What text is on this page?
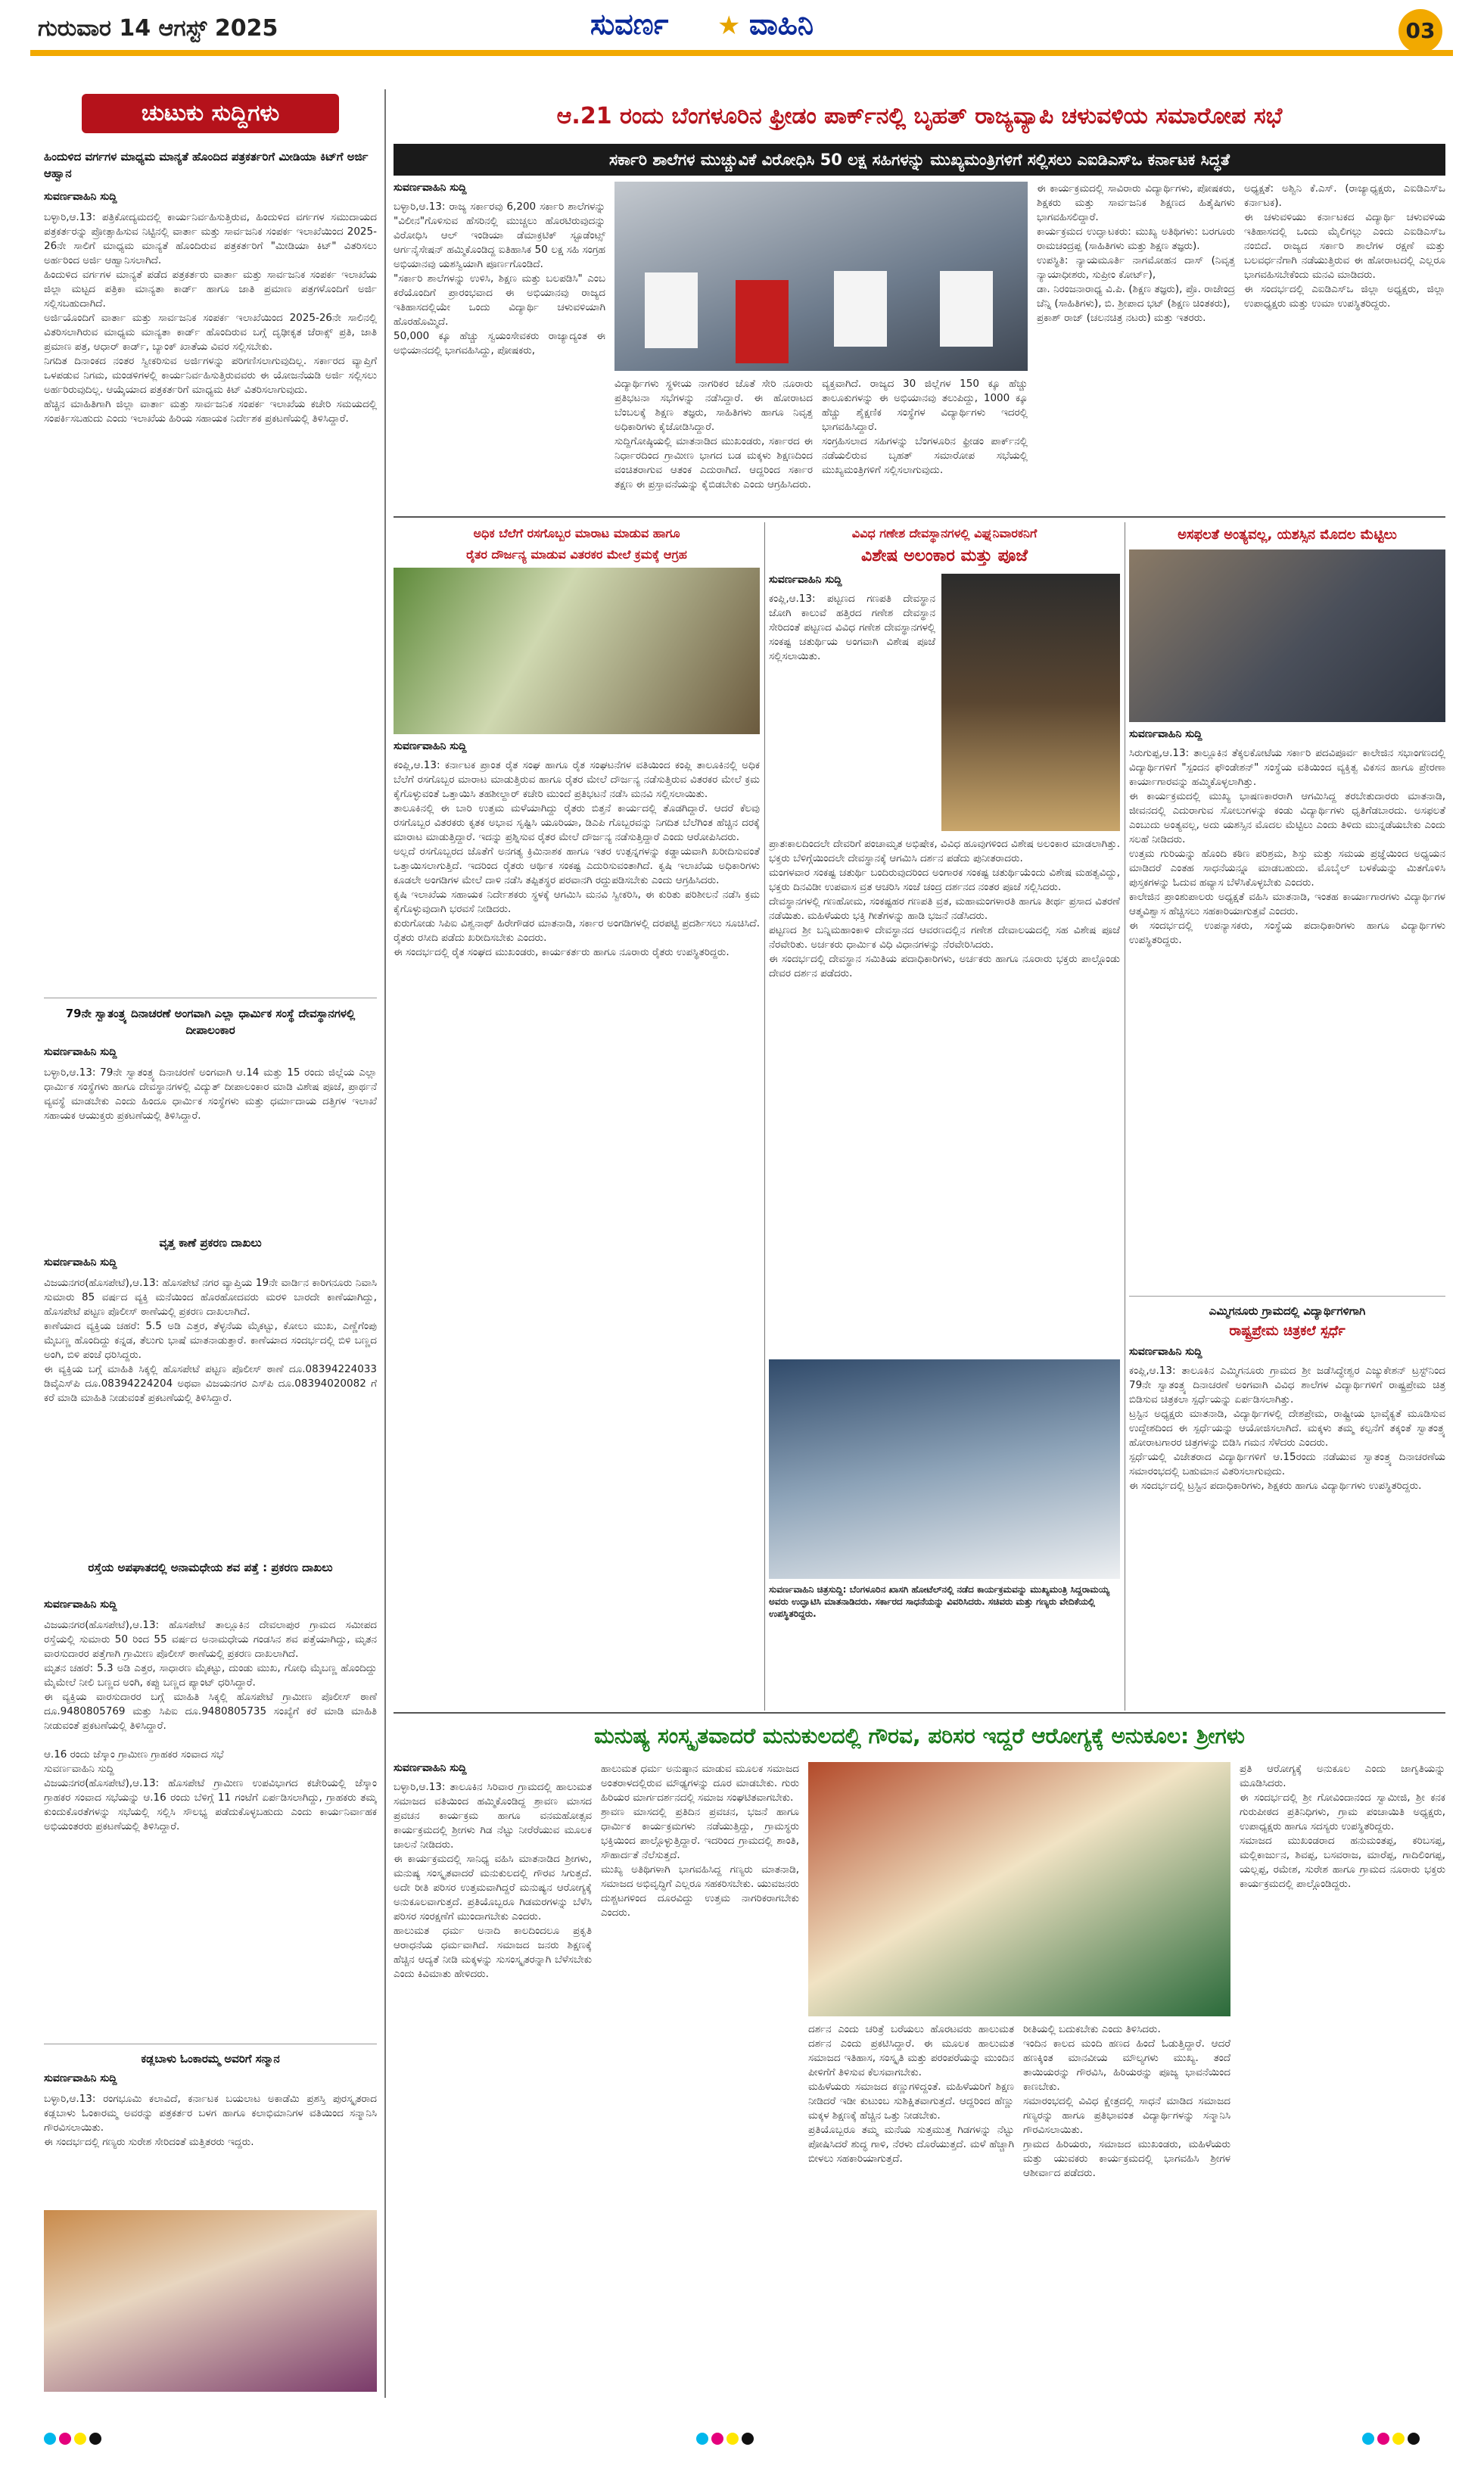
ಗುರುವಾರ 14 ಆಗಸ್ಟ್ 2025	ಸುವರ್ಣ ★ ವಾಹಿನಿ	03
ಚುಟುಕು ಸುದ್ದಿಗಳು
ಹಿಂದುಳಿದ ವರ್ಗಗಳ ಮಾಧ್ಯಮ ಮಾನ್ಯತೆ ಹೊಂದಿದ ಪತ್ರಕರ್ತರಿಗೆ ಮೀಡಿಯಾ ಕಿಟ್‌ಗೆ ಅರ್ಜಿ ಆಹ್ವಾನ
ಸುವರ್ಣವಾಹಿನಿ ಸುದ್ದಿ
ಬಳ್ಳಾರಿ,ಆ.13: ಪತ್ರಿಕೋದ್ಯಮದಲ್ಲಿ ಕಾರ್ಯನಿರ್ವಹಿಸುತ್ತಿರುವ, ಹಿಂದುಳಿದ ವರ್ಗಗಳ ಸಮುದಾಯದ ಪತ್ರಕರ್ತರನ್ನು ಪ್ರೋತ್ಸಾಹಿಸುವ ನಿಟ್ಟಿನಲ್ಲಿ ವಾರ್ತಾ ಮತ್ತು ಸಾರ್ವಜನಿಕ ಸಂಪರ್ಕ ಇಲಾಖೆಯಿಂದ 2025-26ನೇ ಸಾಲಿಗೆ ಮಾಧ್ಯಮ ಮಾನ್ಯತೆ ಹೊಂದಿರುವ ಪತ್ರಕರ್ತರಿಗೆ "ಮೀಡಿಯಾ ಕಿಟ್" ವಿತರಿಸಲು ಅರ್ಹರಿಂದ ಅರ್ಜಿ ಆಹ್ವಾನಿಸಲಾಗಿದೆ.
ಹಿಂದುಳಿದ ವರ್ಗಗಳ ಮಾನ್ಯತೆ ಪಡೆದ ಪತ್ರಕರ್ತರು ವಾರ್ತಾ ಮತ್ತು ಸಾರ್ವಜನಿಕ ಸಂಪರ್ಕ ಇಲಾಖೆಯ ಜಿಲ್ಲಾ ಮಟ್ಟದ ಪತ್ರಿಕಾ ಮಾನ್ಯತಾ ಕಾರ್ಡ್ ಹಾಗೂ ಜಾತಿ ಪ್ರಮಾಣ ಪತ್ರಗಳೊಂದಿಗೆ ಅರ್ಜಿ ಸಲ್ಲಿಸಬಹುದಾಗಿದೆ.
ಅರ್ಜಿಯೊಂದಿಗೆ ವಾರ್ತಾ ಮತ್ತು ಸಾರ್ವಜನಿಕ ಸಂಪರ್ಕ ಇಲಾಖೆಯಿಂದ 2025-26ನೇ ಸಾಲಿನಲ್ಲಿ ವಿತರಿಸಲಾಗಿರುವ ಮಾಧ್ಯಮ ಮಾನ್ಯತಾ ಕಾರ್ಡ್ ಹೊಂದಿರುವ ಬಗ್ಗೆ ದೃಢೀಕೃತ ಜೆರಾಕ್ಸ್ ಪ್ರತಿ, ಜಾತಿ ಪ್ರಮಾಣ ಪತ್ರ, ಆಧಾರ್ ಕಾರ್ಡ್, ಬ್ಯಾಂಕ್ ಖಾತೆಯ ವಿವರ ಸಲ್ಲಿಸಬೇಕು.
ನಿಗದಿತ ದಿನಾಂಕದ ನಂತರ ಸ್ವೀಕರಿಸುವ ಅರ್ಜಿಗಳನ್ನು ಪರಿಗಣಿಸಲಾಗುವುದಿಲ್ಲ. ಸರ್ಕಾರದ ವ್ಯಾಪ್ತಿಗೆ ಒಳಪಡುವ ನಿಗಮ, ಮಂಡಳಿಗಳಲ್ಲಿ ಕಾರ್ಯನಿರ್ವಹಿಸುತ್ತಿರುವವರು ಈ ಯೋಜನೆಯಡಿ ಅರ್ಜಿ ಸಲ್ಲಿಸಲು ಅರ್ಹರಿರುವುದಿಲ್ಲ. ಆಯ್ಕೆಯಾದ ಪತ್ರಕರ್ತರಿಗೆ ಮಾಧ್ಯಮ ಕಿಟ್ ವಿತರಿಸಲಾಗುವುದು.
ಹೆಚ್ಚಿನ ಮಾಹಿತಿಗಾಗಿ ಜಿಲ್ಲಾ ವಾರ್ತಾ ಮತ್ತು ಸಾರ್ವಜನಿಕ ಸಂಪರ್ಕ ಇಲಾಖೆಯ ಕಚೇರಿ ಸಮಯದಲ್ಲಿ ಸಂಪರ್ಕಿಸಬಹುದು ಎಂದು ಇಲಾಖೆಯ ಹಿರಿಯ ಸಹಾಯಕ ನಿರ್ದೇಶಕ ಪ್ರಕಟಣೆಯಲ್ಲಿ ತಿಳಿಸಿದ್ದಾರೆ.
79ನೇ ಸ್ವಾತಂತ್ರ್ಯ ದಿನಾಚರಣೆ ಅಂಗವಾಗಿ ಎಲ್ಲಾ ಧಾರ್ಮಿಕ ಸಂಸ್ಥೆ ದೇವಸ್ಥಾನಗಳಲ್ಲಿ ದೀಪಾಲಂಕಾರ
ಸುವರ್ಣವಾಹಿನಿ ಸುದ್ದಿ
ಬಳ್ಳಾರಿ,ಆ.13: 79ನೇ ಸ್ವಾತಂತ್ರ್ಯ ದಿನಾಚರಣೆ ಅಂಗವಾಗಿ ಆ.14 ಮತ್ತು 15 ರಂದು ಜಿಲ್ಲೆಯ ಎಲ್ಲಾ ಧಾರ್ಮಿಕ ಸಂಸ್ಥೆಗಳು ಹಾಗೂ ದೇವಸ್ಥಾನಗಳಲ್ಲಿ ವಿದ್ಯುತ್ ದೀಪಾಲಂಕಾರ ಮಾಡಿ ವಿಶೇಷ ಪೂಜೆ, ಪ್ರಾರ್ಥನೆ ವ್ಯವಸ್ಥೆ ಮಾಡಬೇಕು ಎಂದು ಹಿಂದೂ ಧಾರ್ಮಿಕ ಸಂಸ್ಥೆಗಳು ಮತ್ತು ಧರ್ಮಾದಾಯ ದತ್ತಿಗಳ ಇಲಾಖೆ ಸಹಾಯಕ ಆಯುಕ್ತರು ಪ್ರಕಟಣೆಯಲ್ಲಿ ತಿಳಿಸಿದ್ದಾರೆ.
ವೃತ್ತ ಕಾಣೆ ಪ್ರಕರಣ ದಾಖಲು
ಸುವರ್ಣವಾಹಿನಿ ಸುದ್ದಿ
ವಿಜಯನಗರ(ಹೊಸಪೇಟೆ),ಆ.13: ಹೊಸಪೇಟೆ ನಗರ ವ್ಯಾಪ್ತಿಯ 19ನೇ ವಾರ್ಡಿನ ಕಾರಿಗನೂರು ನಿವಾಸಿ ಸುಮಾರು 85 ವರ್ಷದ ವ್ಯಕ್ತಿ ಮನೆಯಿಂದ ಹೊರಹೋದವರು ಮರಳಿ ಬಾರದೇ ಕಾಣೆಯಾಗಿದ್ದು, ಹೊಸಪೇಟೆ ಪಟ್ಟಣ ಪೊಲೀಸ್ ಠಾಣೆಯಲ್ಲಿ ಪ್ರಕರಣ ದಾಖಲಾಗಿದೆ.
ಕಾಣೆಯಾದ ವ್ಯಕ್ತಿಯ ಚಹರೆ: 5.5 ಅಡಿ ಎತ್ತರ, ತೆಳ್ಳನೆಯ ಮೈಕಟ್ಟು, ಕೋಲು ಮುಖ, ಎಣ್ಣೆಗೆಂಪು ಮೈಬಣ್ಣ ಹೊಂದಿದ್ದು ಕನ್ನಡ, ತೆಲುಗು ಭಾಷೆ ಮಾತನಾಡುತ್ತಾರೆ. ಕಾಣೆಯಾದ ಸಂದರ್ಭದಲ್ಲಿ ಬಿಳಿ ಬಣ್ಣದ ಅಂಗಿ, ಬಿಳಿ ಪಂಚೆ ಧರಿಸಿದ್ದರು.
ಈ ವ್ಯಕ್ತಿಯ ಬಗ್ಗೆ ಮಾಹಿತಿ ಸಿಕ್ಕಲ್ಲಿ ಹೊಸಪೇಟೆ ಪಟ್ಟಣ ಪೊಲೀಸ್ ಠಾಣೆ ದೂ.08394224033 ಡಿವೈಎಸ್‌ಪಿ ದೂ.08394224204 ಅಥವಾ ವಿಜಯನಗರ ಎಸ್‌ಪಿ ದೂ.08394020082 ಗೆ ಕರೆ ಮಾಡಿ ಮಾಹಿತಿ ನೀಡುವಂತೆ ಪ್ರಕಟಣೆಯಲ್ಲಿ ತಿಳಿಸಿದ್ದಾರೆ.
ರಸ್ತೆಯ ಅಪಘಾತದಲ್ಲಿ ಅನಾಮಧೇಯ ಶವ ಪತ್ತೆ : ಪ್ರಕರಣ ದಾಖಲು
ಸುವರ್ಣವಾಹಿನಿ ಸುದ್ದಿ
ವಿಜಯನಗರ(ಹೊಸಪೇಟೆ),ಆ.13: ಹೊಸಪೇಟೆ ತಾಲ್ಲೂಕಿನ ದೇವಲಾಪುರ ಗ್ರಾಮದ ಸಮೀಪದ ರಸ್ತೆಯಲ್ಲಿ ಸುಮಾರು 50 ರಿಂದ 55 ವರ್ಷದ ಅನಾಮಧೇಯ ಗಂಡಸಿನ ಶವ ಪತ್ತೆಯಾಗಿದ್ದು, ಮೃತನ ವಾರಸುದಾರರ ಪತ್ತೆಗಾಗಿ ಗ್ರಾಮೀಣ ಪೊಲೀಸ್ ಠಾಣೆಯಲ್ಲಿ ಪ್ರಕರಣ ದಾಖಲಾಗಿದೆ.
ಮೃತನ ಚಹರೆ: 5.3 ಅಡಿ ಎತ್ತರ, ಸಾಧಾರಣ ಮೈಕಟ್ಟು, ದುಂಡು ಮುಖ, ಗೋಧಿ ಮೈಬಣ್ಣ ಹೊಂದಿದ್ದು ಮೈಮೇಲೆ ನೀಲಿ ಬಣ್ಣದ ಅಂಗಿ, ಕಪ್ಪು ಬಣ್ಣದ ಪ್ಯಾಂಟ್ ಧರಿಸಿದ್ದಾರೆ.
ಈ ವ್ಯಕ್ತಿಯ ವಾರಸುದಾರರ ಬಗ್ಗೆ ಮಾಹಿತಿ ಸಿಕ್ಕಲ್ಲಿ ಹೊಸಪೇಟೆ ಗ್ರಾಮೀಣ ಪೊಲೀಸ್ ಠಾಣೆ ದೂ.9480805769 ಮತ್ತು ಸಿಪಿಐ ದೂ.9480805735 ಸಂಖ್ಯೆಗೆ ಕರೆ ಮಾಡಿ ಮಾಹಿತಿ ನೀಡುವಂತೆ ಪ್ರಕಟಣೆಯಲ್ಲಿ ತಿಳಿಸಿದ್ದಾರೆ.

ಆ.16 ರಂದು ಜೆಸ್ಕಾಂ ಗ್ರಾಮೀಣ ಗ್ರಾಹಕರ ಸಂವಾದ ಸಭೆ
ಸುವರ್ಣವಾಹಿನಿ ಸುದ್ದಿ
ವಿಜಯನಗರ(ಹೊಸಪೇಟೆ),ಆ.13: ಹೊಸಪೇಟೆ ಗ್ರಾಮೀಣ ಉಪವಿಭಾಗದ ಕಚೇರಿಯಲ್ಲಿ ಜೆಸ್ಕಾಂ ಗ್ರಾಹಕರ ಸಂವಾದ ಸಭೆಯನ್ನು ಆ.16 ರಂದು ಬೆಳಿಗ್ಗೆ 11 ಗಂಟೆಗೆ ಏರ್ಪಡಿಸಲಾಗಿದ್ದು, ಗ್ರಾಹಕರು ತಮ್ಮ ಕುಂದುಕೊರತೆಗಳನ್ನು ಸಭೆಯಲ್ಲಿ ಸಲ್ಲಿಸಿ ಸೌಲಭ್ಯ ಪಡೆದುಕೊಳ್ಳಬಹುದು ಎಂದು ಕಾರ್ಯನಿರ್ವಾಹಕ ಅಭಿಯಂತರರು ಪ್ರಕಟಣೆಯಲ್ಲಿ ತಿಳಿಸಿದ್ದಾರೆ.
ಕಡ್ಲಬಾಳು ಓಂಕಾರಮ್ಮ ಅವರಿಗೆ ಸನ್ಮಾನ
ಸುವರ್ಣವಾಹಿನಿ ಸುದ್ದಿ
ಬಳ್ಳಾರಿ,ಆ.13: ರಂಗಭೂಮಿ ಕಲಾವಿದೆ, ಕರ್ನಾಟಕ ಬಯಲಾಟ ಅಕಾಡೆಮಿ ಪ್ರಶಸ್ತಿ ಪುರಸ್ಕೃತರಾದ ಕಡ್ಲಬಾಳು ಓಂಕಾರಮ್ಮ ಅವರನ್ನು ಪತ್ರಕರ್ತರ ಬಳಗ ಹಾಗೂ ಕಲಾಭಿಮಾನಿಗಳ ವತಿಯಿಂದ ಸನ್ಮಾನಿಸಿ ಗೌರವಿಸಲಾಯಿತು.
ಈ ಸಂದರ್ಭದಲ್ಲಿ ಗಣ್ಯರು ಸುರೇಶ ಸೇರಿದಂತೆ ಮತ್ತಿತರರು ಇದ್ದರು.
ಆ.21 ರಂದು ಬೆಂಗಳೂರಿನ ಫ್ರೀಡಂ ಪಾರ್ಕ್‌ನಲ್ಲಿ ಬೃಹತ್ ರಾಜ್ಯವ್ಯಾಪಿ ಚಳುವಳಿಯ ಸಮಾರೋಪ ಸಭೆ
ಸರ್ಕಾರಿ ಶಾಲೆಗಳ ಮುಚ್ಚುವಿಕೆ ವಿರೋಧಿಸಿ 50 ಲಕ್ಷ ಸಹಿಗಳನ್ನು ಮುಖ್ಯಮಂತ್ರಿಗಳಿಗೆ ಸಲ್ಲಿಸಲು ಎಐಡಿಎಸ್‌ಒ ಕರ್ನಾಟಕ ಸಿದ್ಧತೆ
ಸುವರ್ಣವಾಹಿನಿ ಸುದ್ದಿ
ಬಳ್ಳಾರಿ,ಆ.13: ರಾಜ್ಯ ಸರ್ಕಾರವು 6,200 ಸರ್ಕಾರಿ ಶಾಲೆಗಳನ್ನು "ವಿಲೀನ"ಗೊಳಿಸುವ ಹೆಸರಿನಲ್ಲಿ ಮುಚ್ಚಲು ಹೊರಟಿರುವುದನ್ನು ವಿರೋಧಿಸಿ ಆಲ್ ಇಂಡಿಯಾ ಡೆಮಾಕ್ರಟಿಕ್ ಸ್ಟೂಡೆಂಟ್ಸ್ ಆರ್ಗನೈಸೇಷನ್ ಹಮ್ಮಿಕೊಂಡಿದ್ದ ಐತಿಹಾಸಿಕ 50 ಲಕ್ಷ ಸಹಿ ಸಂಗ್ರಹ ಅಭಿಯಾನವು ಯಶಸ್ವಿಯಾಗಿ ಪೂರ್ಣಗೊಂಡಿದೆ.
"ಸರ್ಕಾರಿ ಶಾಲೆಗಳನ್ನು ಉಳಿಸಿ, ಶಿಕ್ಷಣ ಮತ್ತು ಬಲಪಡಿಸಿ" ಎಂಬ ಕರೆಯೊಂದಿಗೆ ಪ್ರಾರಂಭವಾದ ಈ ಅಭಿಯಾನವು ರಾಜ್ಯದ ಇತಿಹಾಸದಲ್ಲಿಯೇ ಒಂದು ವಿದ್ಯಾರ್ಥಿ ಚಳುವಳಿಯಾಗಿ ಹೊರಹೊಮ್ಮಿದೆ.
50,000 ಕ್ಕೂ ಹೆಚ್ಚು ಸ್ವಯಂಸೇವಕರು ರಾಜ್ಯಾದ್ಯಂತ ಈ ಅಭಿಯಾನದಲ್ಲಿ ಭಾಗವಹಿಸಿದ್ದು, ಪೋಷಕರು,
ವಿದ್ಯಾರ್ಥಿಗಳು ಸ್ಥಳೀಯ ನಾಗರಿಕರ ಜೊತೆ ಸೇರಿ ನೂರಾರು ಪ್ರತಿಭಟನಾ ಸಭೆಗಳನ್ನು ನಡೆಸಿದ್ದಾರೆ. ಈ ಹೋರಾಟದ ಬೆಂಬಲಕ್ಕೆ ಶಿಕ್ಷಣ ತಜ್ಞರು, ಸಾಹಿತಿಗಳು ಹಾಗೂ ನಿವೃತ್ತ ಅಧಿಕಾರಿಗಳು ಕೈಜೋಡಿಸಿದ್ದಾರೆ.
ಸುದ್ದಿಗೋಷ್ಠಿಯಲ್ಲಿ ಮಾತನಾಡಿದ ಮುಖಂಡರು, ಸರ್ಕಾರದ ಈ ನಿರ್ಧಾರದಿಂದ ಗ್ರಾಮೀಣ ಭಾಗದ ಬಡ ಮಕ್ಕಳು ಶಿಕ್ಷಣದಿಂದ ವಂಚಿತರಾಗುವ ಆತಂಕ ಎದುರಾಗಿದೆ. ಆದ್ದರಿಂದ ಸರ್ಕಾರ ತಕ್ಷಣ ಈ ಪ್ರಸ್ತಾವನೆಯನ್ನು ಕೈಬಿಡಬೇಕು ಎಂದು ಆಗ್ರಹಿಸಿದರು.
ವ್ಯಕ್ತವಾಗಿದೆ. ರಾಜ್ಯದ 30 ಜಿಲ್ಲೆಗಳ 150 ಕ್ಕೂ ಹೆಚ್ಚು ತಾಲೂಕುಗಳನ್ನು ಈ ಅಭಿಯಾನವು ತಲುಪಿದ್ದು, 1000 ಕ್ಕೂ ಹೆಚ್ಚು ಶೈಕ್ಷಣಿಕ ಸಂಸ್ಥೆಗಳ ವಿದ್ಯಾರ್ಥಿಗಳು ಇದರಲ್ಲಿ ಭಾಗವಹಿಸಿದ್ದಾರೆ.
ಸಂಗ್ರಹಿಸಲಾದ ಸಹಿಗಳನ್ನು ಬೆಂಗಳೂರಿನ ಫ್ರೀಡಂ ಪಾರ್ಕ್‌ನಲ್ಲಿ ನಡೆಯಲಿರುವ ಬೃಹತ್ ಸಮಾರೋಪ ಸಭೆಯಲ್ಲಿ ಮುಖ್ಯಮಂತ್ರಿಗಳಿಗೆ ಸಲ್ಲಿಸಲಾಗುವುದು.
ಈ ಕಾರ್ಯಕ್ರಮದಲ್ಲಿ ಸಾವಿರಾರು ವಿದ್ಯಾರ್ಥಿಗಳು, ಪೋಷಕರು, ಶಿಕ್ಷಕರು ಮತ್ತು ಸಾರ್ವಜನಿಕ ಶಿಕ್ಷಣದ ಹಿತೈಷಿಗಳು ಭಾಗವಹಿಸಲಿದ್ದಾರೆ.
ಕಾರ್ಯಕ್ರಮದ ಉದ್ಘಾಟಕರು: ಮುಖ್ಯ ಅತಿಥಿಗಳು: ಬರಗೂರು ರಾಮಚಂದ್ರಪ್ಪ (ಸಾಹಿತಿಗಳು ಮತ್ತು ಶಿಕ್ಷಣ ತಜ್ಞರು).
ಉಪಸ್ಥಿತಿ: ನ್ಯಾಯಮೂರ್ತಿ ನಾಗಮೋಹನ ದಾಸ್ (ನಿವೃತ್ತ ನ್ಯಾಯಾಧೀಶರು, ಸುಪ್ರೀಂ ಕೋರ್ಟ್),
ಡಾ. ನಿರಂಜನಾರಾಧ್ಯ ವಿ.ಪಿ. (ಶಿಕ್ಷಣ ತಜ್ಞರು), ಪ್ರೊ. ರಾಜೇಂದ್ರ ಚೆನ್ನಿ (ಸಾಹಿತಿಗಳು), ಬಿ. ಶ್ರೀಪಾದ ಭಟ್ (ಶಿಕ್ಷಣ ಚಿಂತಕರು),
ಪ್ರಕಾಶ್ ರಾಜ್ (ಚಲನಚಿತ್ರ ನಟರು) ಮತ್ತು ಇತರರು.
ಅಧ್ಯಕ್ಷತೆ: ಅಶ್ವಿನಿ ಕೆ.ಎಸ್. (ರಾಜ್ಯಾಧ್ಯಕ್ಷರು, ಎಐಡಿಎಸ್‌ಒ ಕರ್ನಾಟಕ).
ಈ ಚಳುವಳಿಯು ಕರ್ನಾಟಕದ ವಿದ್ಯಾರ್ಥಿ ಚಳುವಳಿಯ ಇತಿಹಾಸದಲ್ಲಿ ಒಂದು ಮೈಲಿಗಲ್ಲು ಎಂದು ಎಐಡಿಎಸ್‌ಒ ನಂಬಿದೆ. ರಾಜ್ಯದ ಸರ್ಕಾರಿ ಶಾಲೆಗಳ ರಕ್ಷಣೆ ಮತ್ತು ಬಲವರ್ಧನೆಗಾಗಿ ನಡೆಯುತ್ತಿರುವ ಈ ಹೋರಾಟದಲ್ಲಿ ಎಲ್ಲರೂ ಭಾಗವಹಿಸಬೇಕೆಂದು ಮನವಿ ಮಾಡಿದರು.
ಈ ಸಂದರ್ಭದಲ್ಲಿ ಎಐಡಿಎಸ್‌ಒ ಜಿಲ್ಲಾ ಅಧ್ಯಕ್ಷರು, ಜಿಲ್ಲಾ ಉಪಾಧ್ಯಕ್ಷರು ಮತ್ತು ಉಮಾ ಉಪಸ್ಥಿತರಿದ್ದರು.
ಅಧಿಕ ಬೆಲೆಗೆ ರಸಗೊಬ್ಬರ ಮಾರಾಟ ಮಾಡುವ ಹಾಗೂ
ರೈತರ ದೌರ್ಜನ್ಯ ಮಾಡುವ ವಿತರಕರ ಮೇಲೆ ಕ್ರಮಕ್ಕೆ ಆಗ್ರಹ
ಸುವರ್ಣವಾಹಿನಿ ಸುದ್ದಿ
ಕಂಪ್ಲಿ,ಆ.13: ಕರ್ನಾಟಕ ಪ್ರಾಂತ ರೈತ ಸಂಘ ಹಾಗೂ ರೈತ ಸಂಘಟನೆಗಳ ವತಿಯಿಂದ ಕಂಪ್ಲಿ ತಾಲೂಕಿನಲ್ಲಿ ಅಧಿಕ ಬೆಲೆಗೆ ರಸಗೊಬ್ಬರ ಮಾರಾಟ ಮಾಡುತ್ತಿರುವ ಹಾಗೂ ರೈತರ ಮೇಲೆ ದೌರ್ಜನ್ಯ ನಡೆಸುತ್ತಿರುವ ವಿತರಕರ ಮೇಲೆ ಕ್ರಮ ಕೈಗೊಳ್ಳುವಂತೆ ಒತ್ತಾಯಿಸಿ ತಹಶೀಲ್ದಾರ್ ಕಚೇರಿ ಮುಂದೆ ಪ್ರತಿಭಟನೆ ನಡೆಸಿ ಮನವಿ ಸಲ್ಲಿಸಲಾಯಿತು.
ತಾಲೂಕಿನಲ್ಲಿ ಈ ಬಾರಿ ಉತ್ತಮ ಮಳೆಯಾಗಿದ್ದು ರೈತರು ಬಿತ್ತನೆ ಕಾರ್ಯದಲ್ಲಿ ತೊಡಗಿದ್ದಾರೆ. ಆದರೆ ಕೆಲವು ರಸಗೊಬ್ಬರ ವಿತರಕರು ಕೃತಕ ಅಭಾವ ಸೃಷ್ಟಿಸಿ ಯೂರಿಯಾ, ಡಿಎಪಿ ಗೊಬ್ಬರವನ್ನು ನಿಗದಿತ ಬೆಲೆಗಿಂತ ಹೆಚ್ಚಿನ ದರಕ್ಕೆ ಮಾರಾಟ ಮಾಡುತ್ತಿದ್ದಾರೆ. ಇದನ್ನು ಪ್ರಶ್ನಿಸುವ ರೈತರ ಮೇಲೆ ದೌರ್ಜನ್ಯ ನಡೆಸುತ್ತಿದ್ದಾರೆ ಎಂದು ಆರೋಪಿಸಿದರು.
ಅಲ್ಲದೆ ರಸಗೊಬ್ಬರದ ಜೊತೆಗೆ ಅನಗತ್ಯ ಕ್ರಿಮಿನಾಶಕ ಹಾಗೂ ಇತರ ಉತ್ಪನ್ನಗಳನ್ನು ಕಡ್ಡಾಯವಾಗಿ ಖರೀದಿಸುವಂತೆ ಒತ್ತಾಯಿಸಲಾಗುತ್ತಿದೆ. ಇದರಿಂದ ರೈತರು ಆರ್ಥಿಕ ಸಂಕಷ್ಟ ಎದುರಿಸುವಂತಾಗಿದೆ. ಕೃಷಿ ಇಲಾಖೆಯ ಅಧಿಕಾರಿಗಳು ಕೂಡಲೇ ಅಂಗಡಿಗಳ ಮೇಲೆ ದಾಳಿ ನಡೆಸಿ ತಪ್ಪಿತಸ್ಥರ ಪರವಾನಗಿ ರದ್ದುಪಡಿಸಬೇಕು ಎಂದು ಆಗ್ರಹಿಸಿದರು.
ಕೃಷಿ ಇಲಾಖೆಯ ಸಹಾಯಕ ನಿರ್ದೇಶಕರು ಸ್ಥಳಕ್ಕೆ ಆಗಮಿಸಿ ಮನವಿ ಸ್ವೀಕರಿಸಿ, ಈ ಕುರಿತು ಪರಿಶೀಲನೆ ನಡೆಸಿ ಕ್ರಮ ಕೈಗೊಳ್ಳುವುದಾಗಿ ಭರವಸೆ ನೀಡಿದರು.
ಕುರುಗೋಡು ಸಿಪಿಐ ವಿಶ್ವನಾಥ್ ಹಿರೇಗೌಡರ ಮಾತನಾಡಿ, ಸರ್ಕಾರ ಅಂಗಡಿಗಳಲ್ಲಿ ದರಪಟ್ಟಿ ಪ್ರದರ್ಶಿಸಲು ಸೂಚಿಸಿದೆ. ರೈತರು ರಸೀದಿ ಪಡೆದು ಖರೀದಿಸಬೇಕು ಎಂದರು.
ಈ ಸಂದರ್ಭದಲ್ಲಿ ರೈತ ಸಂಘದ ಮುಖಂಡರು, ಕಾರ್ಯಕರ್ತರು ಹಾಗೂ ನೂರಾರು ರೈತರು ಉಪಸ್ಥಿತರಿದ್ದರು.
ವಿವಿಧ ಗಣೇಶ ದೇವಸ್ಥಾನಗಳಲ್ಲಿ ವಿಘ್ನನಿವಾರಕನಿಗೆ
ವಿಶೇಷ ಅಲಂಕಾರ ಮತ್ತು ಪೂಜೆ
ಸುವರ್ಣವಾಹಿನಿ ಸುದ್ದಿ
ಕಂಪ್ಲಿ,ಆ.13: ಪಟ್ಟಣದ ಗಣಪತಿ ದೇವಸ್ಥಾನ ಜೋಗಿ ಕಾಲುವೆ ಹತ್ತಿರದ ಗಣೇಶ ದೇವಸ್ಥಾನ ಸೇರಿದಂತೆ ಪಟ್ಟಣದ ವಿವಿಧ ಗಣೇಶ ದೇವಸ್ಥಾನಗಳಲ್ಲಿ ಸಂಕಷ್ಟ ಚತುರ್ಥಿಯ ಅಂಗವಾಗಿ ವಿಶೇಷ ಪೂಜೆ ಸಲ್ಲಿಸಲಾಯಿತು.
ಪ್ರಾತಃಕಾಲದಿಂದಲೇ ದೇವರಿಗೆ ಪಂಚಾಮೃತ ಅಭಿಷೇಕ, ವಿವಿಧ ಹೂವುಗಳಿಂದ ವಿಶೇಷ ಅಲಂಕಾರ ಮಾಡಲಾಗಿತ್ತು. ಭಕ್ತರು ಬೆಳಿಗ್ಗೆಯಿಂದಲೇ ದೇವಸ್ಥಾನಕ್ಕೆ ಆಗಮಿಸಿ ದರ್ಶನ ಪಡೆದು ಪುನೀತರಾದರು.
ಮಂಗಳವಾರ ಸಂಕಷ್ಟ ಚತುರ್ಥಿ ಬಂದಿರುವುದರಿಂದ ಅಂಗಾರಕ ಸಂಕಷ್ಟ ಚತುರ್ಥಿಯೆಂದು ವಿಶೇಷ ಮಹತ್ವವಿದ್ದು, ಭಕ್ತರು ದಿನವಿಡೀ ಉಪವಾಸ ವ್ರತ ಆಚರಿಸಿ ಸಂಜೆ ಚಂದ್ರ ದರ್ಶನದ ನಂತರ ಪೂಜೆ ಸಲ್ಲಿಸಿದರು.
ದೇವಸ್ಥಾನಗಳಲ್ಲಿ ಗಣಹೋಮ, ಸಂಕಷ್ಟಹರ ಗಣಪತಿ ವ್ರತ, ಮಹಾಮಂಗಳಾರತಿ ಹಾಗೂ ತೀರ್ಥ ಪ್ರಸಾದ ವಿತರಣೆ ನಡೆಯಿತು. ಮಹಿಳೆಯರು ಭಕ್ತಿ ಗೀತೆಗಳನ್ನು ಹಾಡಿ ಭಜನೆ ನಡೆಸಿದರು.
ಪಟ್ಟಣದ ಶ್ರೀ ಬನ್ನಿಮಹಾಂಕಾಳಿ ದೇವಸ್ಥಾನದ ಆವರಣದಲ್ಲಿನ ಗಣೇಶ ದೇವಾಲಯದಲ್ಲಿ ಸಹ ವಿಶೇಷ ಪೂಜೆ ನೆರವೇರಿತು. ಅರ್ಚಕರು ಧಾರ್ಮಿಕ ವಿಧಿ ವಿಧಾನಗಳನ್ನು ನೆರವೇರಿಸಿದರು.
ಈ ಸಂದರ್ಭದಲ್ಲಿ ದೇವಸ್ಥಾನ ಸಮಿತಿಯ ಪದಾಧಿಕಾರಿಗಳು, ಅರ್ಚಕರು ಹಾಗೂ ನೂರಾರು ಭಕ್ತರು ಪಾಲ್ಗೊಂಡು ದೇವರ ದರ್ಶನ ಪಡೆದರು.
ಸುವರ್ಣವಾಹಿನಿ ಚಿತ್ರಸುದ್ದಿ: ಬೆಂಗಳೂರಿನ ಖಾಸಗಿ ಹೋಟೆಲ್‌ನಲ್ಲಿ ನಡೆದ ಕಾರ್ಯಕ್ರಮವನ್ನು ಮುಖ್ಯಮಂತ್ರಿ ಸಿದ್ದರಾಮಯ್ಯ ಅವರು ಉದ್ಘಾಟಿಸಿ ಮಾತನಾಡಿದರು. ಸರ್ಕಾರದ ಸಾಧನೆಯನ್ನು ವಿವರಿಸಿದರು. ಸಚಿವರು ಮತ್ತು ಗಣ್ಯರು ವೇದಿಕೆಯಲ್ಲಿ ಉಪಸ್ಥಿತರಿದ್ದರು.
ಅಸಫಲತೆ ಅಂತ್ಯವಲ್ಲ, ಯಶಸ್ಸಿನ ಮೊದಲ ಮೆಟ್ಟಿಲು
ಸುವರ್ಣವಾಹಿನಿ ಸುದ್ದಿ
ಸಿರುಗುಪ್ಪ,ಆ.13: ತಾಲ್ಲೂಕಿನ ತೆಕ್ಕಲಕೋಟೆಯ ಸರ್ಕಾರಿ ಪದವಿಪೂರ್ವ ಕಾಲೇಜಿನ ಸಭಾಂಗಣದಲ್ಲಿ ವಿದ್ಯಾರ್ಥಿಗಳಿಗೆ "ಸ್ಪಂದನ ಫೌಂಡೇಶನ್" ಸಂಸ್ಥೆಯ ವತಿಯಿಂದ ವ್ಯಕ್ತಿತ್ವ ವಿಕಸನ ಹಾಗೂ ಪ್ರೇರಣಾ ಕಾರ್ಯಾಗಾರವನ್ನು ಹಮ್ಮಿಕೊಳ್ಳಲಾಗಿತ್ತು.
ಈ ಕಾರ್ಯಕ್ರಮದಲ್ಲಿ ಮುಖ್ಯ ಭಾಷಣಕಾರರಾಗಿ ಆಗಮಿಸಿದ್ದ ತರಬೇತುದಾರರು ಮಾತನಾಡಿ, ಜೀವನದಲ್ಲಿ ಎದುರಾಗುವ ಸೋಲುಗಳನ್ನು ಕಂಡು ವಿದ್ಯಾರ್ಥಿಗಳು ಧೃತಿಗೆಡಬಾರದು. ಅಸಫಲತೆ ಎಂಬುದು ಅಂತ್ಯವಲ್ಲ, ಅದು ಯಶಸ್ಸಿನ ಮೊದಲ ಮೆಟ್ಟಿಲು ಎಂದು ತಿಳಿದು ಮುನ್ನಡೆಯಬೇಕು ಎಂದು ಸಲಹೆ ನೀಡಿದರು.
ಉತ್ತಮ ಗುರಿಯನ್ನು ಹೊಂದಿ ಕಠಿಣ ಪರಿಶ್ರಮ, ಶಿಸ್ತು ಮತ್ತು ಸಮಯ ಪ್ರಜ್ಞೆಯಿಂದ ಅಧ್ಯಯನ ಮಾಡಿದರೆ ಎಂತಹ ಸಾಧನೆಯನ್ನೂ ಮಾಡಬಹುದು. ಮೊಬೈಲ್ ಬಳಕೆಯನ್ನು ಮಿತಗೊಳಿಸಿ ಪುಸ್ತಕಗಳನ್ನು ಓದುವ ಹವ್ಯಾಸ ಬೆಳೆಸಿಕೊಳ್ಳಬೇಕು ಎಂದರು.
ಕಾಲೇಜಿನ ಪ್ರಾಂಶುಪಾಲರು ಅಧ್ಯಕ್ಷತೆ ವಹಿಸಿ ಮಾತನಾಡಿ, ಇಂತಹ ಕಾರ್ಯಾಗಾರಗಳು ವಿದ್ಯಾರ್ಥಿಗಳ ಆತ್ಮವಿಶ್ವಾಸ ಹೆಚ್ಚಿಸಲು ಸಹಕಾರಿಯಾಗುತ್ತವೆ ಎಂದರು.
ಈ ಸಂದರ್ಭದಲ್ಲಿ ಉಪನ್ಯಾಸಕರು, ಸಂಸ್ಥೆಯ ಪದಾಧಿಕಾರಿಗಳು ಹಾಗೂ ವಿದ್ಯಾರ್ಥಿಗಳು ಉಪಸ್ಥಿತರಿದ್ದರು.
ಎಮ್ಮಿಗನೂರು ಗ್ರಾಮದಲ್ಲಿ ವಿದ್ಯಾರ್ಥಿಗಳಿಗಾಗಿ
ರಾಷ್ಟ್ರಪ್ರೇಮ ಚಿತ್ರಕಲೆ ಸ್ಪರ್ಧೆ
ಸುವರ್ಣವಾಹಿನಿ ಸುದ್ದಿ
ಕಂಪ್ಲಿ,ಆ.13: ತಾಲೂಕಿನ ಎಮ್ಮಿಗನೂರು ಗ್ರಾಮದ ಶ್ರೀ ಜಡೆಸಿದ್ಧೇಶ್ವರ ಎಜ್ಯುಕೇಶನ್ ಟ್ರಸ್ಟ್‌ನಿಂದ 79ನೇ ಸ್ವಾತಂತ್ರ್ಯ ದಿನಾಚರಣೆ ಅಂಗವಾಗಿ ವಿವಿಧ ಶಾಲೆಗಳ ವಿದ್ಯಾರ್ಥಿಗಳಿಗೆ ರಾಷ್ಟ್ರಪ್ರೇಮ ಚಿತ್ರ ಬಿಡಿಸುವ ಚಿತ್ರಕಲಾ ಸ್ಪರ್ಧೆಯನ್ನು ಏರ್ಪಡಿಸಲಾಗಿತ್ತು.
ಟ್ರಸ್ಟಿನ ಅಧ್ಯಕ್ಷರು ಮಾತನಾಡಿ, ವಿದ್ಯಾರ್ಥಿಗಳಲ್ಲಿ ದೇಶಪ್ರೇಮ, ರಾಷ್ಟ್ರೀಯ ಭಾವೈಕ್ಯತೆ ಮೂಡಿಸುವ ಉದ್ದೇಶದಿಂದ ಈ ಸ್ಪರ್ಧೆಯನ್ನು ಆಯೋಜಿಸಲಾಗಿದೆ. ಮಕ್ಕಳು ತಮ್ಮ ಕಲ್ಪನೆಗೆ ತಕ್ಕಂತೆ ಸ್ವಾತಂತ್ರ್ಯ ಹೋರಾಟಗಾರರ ಚಿತ್ರಗಳನ್ನು ಬಿಡಿಸಿ ಗಮನ ಸೆಳೆದರು ಎಂದರು.
ಸ್ಪರ್ಧೆಯಲ್ಲಿ ವಿಜೇತರಾದ ವಿದ್ಯಾರ್ಥಿಗಳಿಗೆ ಆ.15ರಂದು ನಡೆಯುವ ಸ್ವಾತಂತ್ರ್ಯ ದಿನಾಚರಣೆಯ ಸಮಾರಂಭದಲ್ಲಿ ಬಹುಮಾನ ವಿತರಿಸಲಾಗುವುದು.
ಈ ಸಂದರ್ಭದಲ್ಲಿ ಟ್ರಸ್ಟಿನ ಪದಾಧಿಕಾರಿಗಳು, ಶಿಕ್ಷಕರು ಹಾಗೂ ವಿದ್ಯಾರ್ಥಿಗಳು ಉಪಸ್ಥಿತರಿದ್ದರು.
ಮನುಷ್ಯ ಸಂಸ್ಕೃತವಾದರೆ ಮನುಕುಲದಲ್ಲಿ ಗೌರವ, ಪರಿಸರ ಇದ್ದರೆ ಆರೋಗ್ಯಕ್ಕೆ ಅನುಕೂಲ: ಶ್ರೀಗಳು
ಸುವರ್ಣವಾಹಿನಿ ಸುದ್ದಿ
ಬಳ್ಳಾರಿ,ಆ.13: ತಾಲೂಕಿನ ಸಿರಿವಾರ ಗ್ರಾಮದಲ್ಲಿ ಹಾಲುಮತ ಸಮಾಜದ ವತಿಯಿಂದ ಹಮ್ಮಿಕೊಂಡಿದ್ದ ಶ್ರಾವಣ ಮಾಸದ ಪ್ರವಚನ ಕಾರ್ಯಕ್ರಮ ಹಾಗೂ ವನಮಹೋತ್ಸವ ಕಾರ್ಯಕ್ರಮದಲ್ಲಿ ಶ್ರೀಗಳು ಗಿಡ ನೆಟ್ಟು ನೀರೆರೆಯುವ ಮೂಲಕ ಚಾಲನೆ ನೀಡಿದರು.
ಈ ಕಾರ್ಯಕ್ರಮದಲ್ಲಿ ಸಾನಿಧ್ಯ ವಹಿಸಿ ಮಾತನಾಡಿದ ಶ್ರೀಗಳು, ಮನುಷ್ಯ ಸಂಸ್ಕೃತವಾದರೆ ಮನುಕುಲದಲ್ಲಿ ಗೌರವ ಸಿಗುತ್ತದೆ. ಅದೇ ರೀತಿ ಪರಿಸರ ಉತ್ತಮವಾಗಿದ್ದರೆ ಮನುಷ್ಯನ ಆರೋಗ್ಯಕ್ಕೆ ಅನುಕೂಲವಾಗುತ್ತದೆ. ಪ್ರತಿಯೊಬ್ಬರೂ ಗಿಡಮರಗಳನ್ನು ಬೆಳೆಸಿ ಪರಿಸರ ಸಂರಕ್ಷಣೆಗೆ ಮುಂದಾಗಬೇಕು ಎಂದರು.
ಹಾಲುಮತ ಧರ್ಮ ಅನಾದಿ ಕಾಲದಿಂದಲೂ ಪ್ರಕೃತಿ ಆರಾಧನೆಯ ಧರ್ಮವಾಗಿದೆ. ಸಮಾಜದ ಜನರು ಶಿಕ್ಷಣಕ್ಕೆ ಹೆಚ್ಚಿನ ಆದ್ಯತೆ ನೀಡಿ ಮಕ್ಕಳನ್ನು ಸುಸಂಸ್ಕೃತರನ್ನಾಗಿ ಬೆಳೆಸಬೇಕು ಎಂದು ಕಿವಿಮಾತು ಹೇಳಿದರು.
ಹಾಲುಮತ ಧರ್ಮ ಅನುಷ್ಠಾನ ಮಾಡುವ ಮೂಲಕ ಸಮಾಜದ ಅಂತರಾಳದಲ್ಲಿರುವ ಮೌಢ್ಯಗಳನ್ನು ದೂರ ಮಾಡಬೇಕು. ಗುರು ಹಿರಿಯರ ಮಾರ್ಗದರ್ಶನದಲ್ಲಿ ಸಮಾಜ ಸಂಘಟಿತವಾಗಬೇಕು.
ಶ್ರಾವಣ ಮಾಸದಲ್ಲಿ ಪ್ರತಿದಿನ ಪ್ರವಚನ, ಭಜನೆ ಹಾಗೂ ಧಾರ್ಮಿಕ ಕಾರ್ಯಕ್ರಮಗಳು ನಡೆಯುತ್ತಿದ್ದು, ಗ್ರಾಮಸ್ಥರು ಭಕ್ತಿಯಿಂದ ಪಾಲ್ಗೊಳ್ಳುತ್ತಿದ್ದಾರೆ. ಇದರಿಂದ ಗ್ರಾಮದಲ್ಲಿ ಶಾಂತಿ, ಸೌಹಾರ್ದತೆ ನೆಲೆಸುತ್ತದೆ.
ಮುಖ್ಯ ಅತಿಥಿಗಳಾಗಿ ಭಾಗವಹಿಸಿದ್ದ ಗಣ್ಯರು ಮಾತನಾಡಿ, ಸಮಾಜದ ಅಭಿವೃದ್ಧಿಗೆ ಎಲ್ಲರೂ ಸಹಕರಿಸಬೇಕು. ಯುವಜನರು ದುಶ್ಚಟಗಳಿಂದ ದೂರವಿದ್ದು ಉತ್ತಮ ನಾಗರಿಕರಾಗಬೇಕು ಎಂದರು.
ದರ್ಶನ ಎಂದು ಚರಿತ್ರೆ ಬರೆಯಲು ಹೊರಟವರು ಹಾಲುಮತ ದರ್ಶನ ಎಂದು ಪ್ರಕಟಿಸಿದ್ದಾರೆ. ಈ ಮೂಲಕ ಹಾಲುಮತ ಸಮಾಜದ ಇತಿಹಾಸ, ಸಂಸ್ಕೃತಿ ಮತ್ತು ಪರಂಪರೆಯನ್ನು ಮುಂದಿನ ಪೀಳಿಗೆಗೆ ತಿಳಿಸುವ ಕೆಲಸವಾಗಬೇಕು.
ಮಹಿಳೆಯರು ಸಮಾಜದ ಕಣ್ಣುಗಳಿದ್ದಂತೆ. ಮಹಿಳೆಯರಿಗೆ ಶಿಕ್ಷಣ ನೀಡಿದರೆ ಇಡೀ ಕುಟುಂಬ ಸುಶಿಕ್ಷಿತವಾಗುತ್ತದೆ. ಆದ್ದರಿಂದ ಹೆಣ್ಣು ಮಕ್ಕಳ ಶಿಕ್ಷಣಕ್ಕೆ ಹೆಚ್ಚಿನ ಒತ್ತು ನೀಡಬೇಕು.
ಪ್ರತಿಯೊಬ್ಬರೂ ತಮ್ಮ ಮನೆಯ ಸುತ್ತಮುತ್ತ ಗಿಡಗಳನ್ನು ನೆಟ್ಟು ಪೋಷಿಸಿದರೆ ಶುದ್ಧ ಗಾಳಿ, ನೆರಳು ದೊರೆಯುತ್ತದೆ. ಮಳೆ ಹೆಚ್ಚಾಗಿ ಬೀಳಲು ಸಹಕಾರಿಯಾಗುತ್ತದೆ.
ರೀತಿಯಲ್ಲಿ ಬದುಕಬೇಕು ಎಂದು ತಿಳಿಸಿದರು.
ಇಂದಿನ ಕಾಲದ ಮಂದಿ ಹಣದ ಹಿಂದೆ ಓಡುತ್ತಿದ್ದಾರೆ. ಆದರೆ ಹಣಕ್ಕಿಂತ ಮಾನವೀಯ ಮೌಲ್ಯಗಳು ಮುಖ್ಯ. ತಂದೆ ತಾಯಿಯರನ್ನು ಗೌರವಿಸಿ, ಹಿರಿಯರನ್ನು ಪೂಜ್ಯ ಭಾವನೆಯಿಂದ ಕಾಣಬೇಕು.
ಸಮಾರಂಭದಲ್ಲಿ ವಿವಿಧ ಕ್ಷೇತ್ರದಲ್ಲಿ ಸಾಧನೆ ಮಾಡಿದ ಸಮಾಜದ ಗಣ್ಯರನ್ನು ಹಾಗೂ ಪ್ರತಿಭಾವಂತ ವಿದ್ಯಾರ್ಥಿಗಳನ್ನು ಸನ್ಮಾನಿಸಿ ಗೌರವಿಸಲಾಯಿತು.
ಗ್ರಾಮದ ಹಿರಿಯರು, ಸಮಾಜದ ಮುಖಂಡರು, ಮಹಿಳೆಯರು ಮತ್ತು ಯುವಕರು ಕಾರ್ಯಕ್ರಮದಲ್ಲಿ ಭಾಗವಹಿಸಿ ಶ್ರೀಗಳ ಆಶೀರ್ವಾದ ಪಡೆದರು.
ಪ್ರತಿ ಆರೋಗ್ಯಕ್ಕೆ ಅನುಕೂಲ ಎಂದು ಜಾಗೃತಿಯನ್ನು ಮೂಡಿಸಿದರು.
ಈ ಸಂದರ್ಭದಲ್ಲಿ ಶ್ರೀ ಗೋವಿಂದಾನಂದ ಸ್ವಾಮೀಜಿ, ಶ್ರೀ ಕನಕ ಗುರುಪೀಠದ ಪ್ರತಿನಿಧಿಗಳು, ಗ್ರಾಮ ಪಂಚಾಯಿತಿ ಅಧ್ಯಕ್ಷರು, ಉಪಾಧ್ಯಕ್ಷರು ಹಾಗೂ ಸದಸ್ಯರು ಉಪಸ್ಥಿತರಿದ್ದರು.
ಸಮಾಜದ ಮುಖಂಡರಾದ ಹನುಮಂತಪ್ಪ, ಕರಿಬಸಪ್ಪ, ಮಲ್ಲಿಕಾರ್ಜುನ, ಶಿವಪ್ಪ, ಬಸವರಾಜ, ಮಾರೆಪ್ಪ, ಗಾದಿಲಿಂಗಪ್ಪ, ಯಲ್ಲಪ್ಪ, ರಮೇಶ, ಸುರೇಶ ಹಾಗೂ ಗ್ರಾಮದ ನೂರಾರು ಭಕ್ತರು ಕಾರ್ಯಕ್ರಮದಲ್ಲಿ ಪಾಲ್ಗೊಂಡಿದ್ದರು.
